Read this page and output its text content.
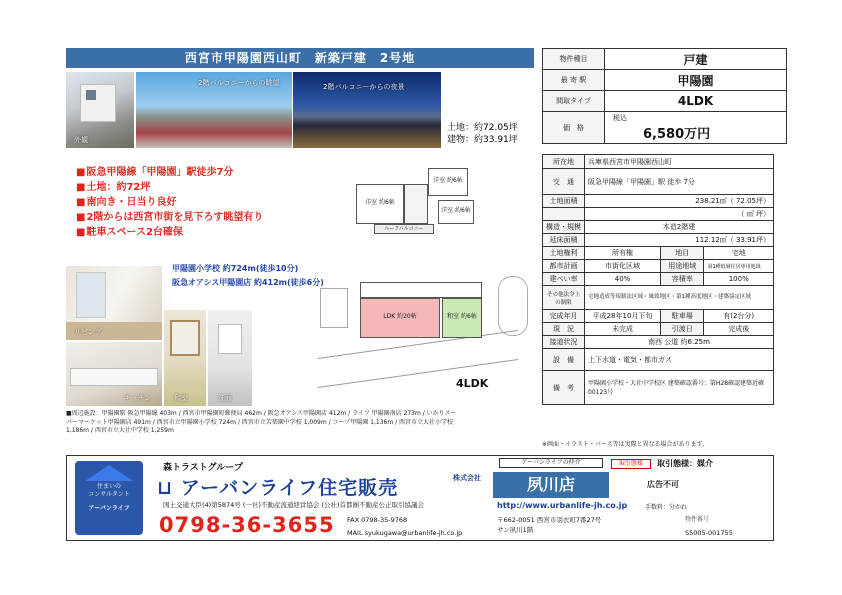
西宮市甲陽園西山町　新築戸建　2号地
外観
2階バルコニーからの眺望	2階バルコニーからの夜景
土地：約72.05坪
建物：約33.91坪
■ 阪急甲陽線「甲陽園」駅徒歩7分
■ 土地：約72坪
■ 南向き・日当り良好
■ 2階からは西宮市街を見下ろす眺望有り
■ 駐車スペース2台確保
洋室 約6帖
洋室 約6帖
洋室 約6帖
ルーフバルコニー
LDK 約20帖	和室 約6帖
4LDK
甲陽園小学校 約724m(徒歩10分)
阪急オアシス甲陽園店 約412m(徒歩6分)
リビング
キッチン	和室	洗面
■周辺施設：甲陽園駅 阪急甲陽線 403m / 西宮市甲陽園町郵便局 462m / 阪急オアシス甲陽園店 412m / ライフ 甲陽園南店 273m / いかりスーパーマーケット甲陽園店 491m / 西宮市立甲陽園小学校 724m / 西宮市立苦楽園中学校 1,009m / コープ甲陽園 1,136m / 西宮市立大社小学校 1,186m / 西宮市立大社中学校 1,259m
物件種目	戸建
最 寄 駅	甲陽園
間取タイプ	4LDK
価　格	税込
6,580万円
所在地	兵庫県西宮市甲陽園西山町		
交　通	阪急甲陽線「甲陽園」駅 徒歩 7分		
土地面積	238.21㎡（ 72.05坪）		
	（ ㎡ 坪）		
構造・規模	木造2階建		
延床面積	112.12㎡（ 33.91坪）		
土地権利	所有権	地目	宅地
都市計画	市街化区域	用途地域	第1種低層住居専用地域
建ぺい率	40%	容積率	100%
その他法令上の制限	宅地造成等規制法区域・風致地区・第1種高度地区・建築協定区域		
完成年月	平成28年10月下旬	駐車場	有(2台分)
現　況	未完成	引渡日	完成後
接道状況	南西 公道 約6.25m		
設　備	上下水道・電気・都市ガス		
備　考	甲陽園小学校・大社中学校区 建築確認番号：第H28確認建築近確00123号		
※画面・イラスト・パース等は実際と異なる場合があります。
住まいの
コンサルタント
アーバンライフ
森トラストグループ
⊔ アーバンライフ住宅販売	株式会社
国土交通大臣(4)第5874号 (一社)不動産流通経営協会 (公社)首都圏不動産公正取引協議会
0798-36-3655 FAX 0798-35-9768
MAIL syukugawa@urbanlife-jh.co.jp
アーバンライフの仲介
夙川店
http://www.urbanlife-jh.co.jp	手数料：分かれ
〒662-0051 西宮市羽衣町7番27号
サン夙川1階
取引態様	取引態様：媒介
広告不可
物件番号
S5005-001755
